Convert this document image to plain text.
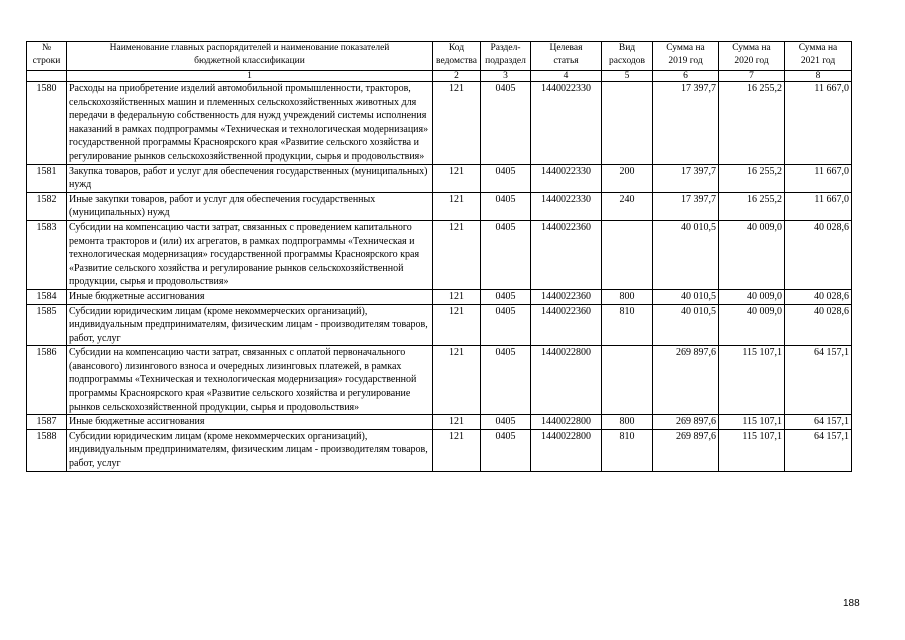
№ строки	Наименование главных распорядителей и наименование показателей бюджетной классификации	Код ведомства	Раздел-подраздел	Целевая статья	Вид расходов	Сумма на 2019 год	Сумма на 2020 год	Сумма на 2021 год
	1	2	3	4	5	6	7	8
1580	Расходы на приобретение изделий автомобильной промышленности, тракторов, сельскохозяйственных машин и племенных сельскохозяйственных животных для передачи в федеральную собственность для нужд учреждений системы исполнения наказаний в рамках подпрограммы «Техническая и технологическая модернизация» государственной программы Красноярского края «Развитие сельского хозяйства и регулирование рынков сельскохозяйственной продукции, сырья и продовольствия»	121	0405	1440022330		17 397,7	16 255,2	11 667,0
1581	Закупка товаров, работ и услуг для обеспечения государственных (муниципальных) нужд	121	0405	1440022330	200	17 397,7	16 255,2	11 667,0
1582	Иные закупки товаров, работ и услуг для обеспечения государственных (муниципальных) нужд	121	0405	1440022330	240	17 397,7	16 255,2	11 667,0
1583	Субсидии на компенсацию части затрат, связанных с проведением капитального ремонта тракторов и (или) их агрегатов, в рамках подпрограммы «Техническая и технологическая модернизация» государственной программы Красноярского края «Развитие сельского хозяйства и регулирование рынков сельскохозяйственной продукции, сырья и продовольствия»	121	0405	1440022360		40 010,5	40 009,0	40 028,6
1584	Иные бюджетные ассигнования	121	0405	1440022360	800	40 010,5	40 009,0	40 028,6
1585	Субсидии юридическим лицам (кроме некоммерческих организаций), индивидуальным предпринимателям, физическим лицам - производителям товаров, работ, услуг	121	0405	1440022360	810	40 010,5	40 009,0	40 028,6
1586	Субсидии на компенсацию части затрат, связанных с оплатой первоначального (авансового) лизингового взноса и очередных лизинговых платежей, в рамках подпрограммы «Техническая и технологическая модернизация» государственной программы Красноярского края «Развитие сельского хозяйства и регулирование рынков сельскохозяйственной продукции, сырья и продовольствия»	121	0405	1440022800		269 897,6	115 107,1	64 157,1
1587	Иные бюджетные ассигнования	121	0405	1440022800	800	269 897,6	115 107,1	64 157,1
1588	Субсидии юридическим лицам (кроме некоммерческих организаций), индивидуальным предпринимателям, физическим лицам - производителям товаров, работ, услуг	121	0405	1440022800	810	269 897,6	115 107,1	64 157,1
188
